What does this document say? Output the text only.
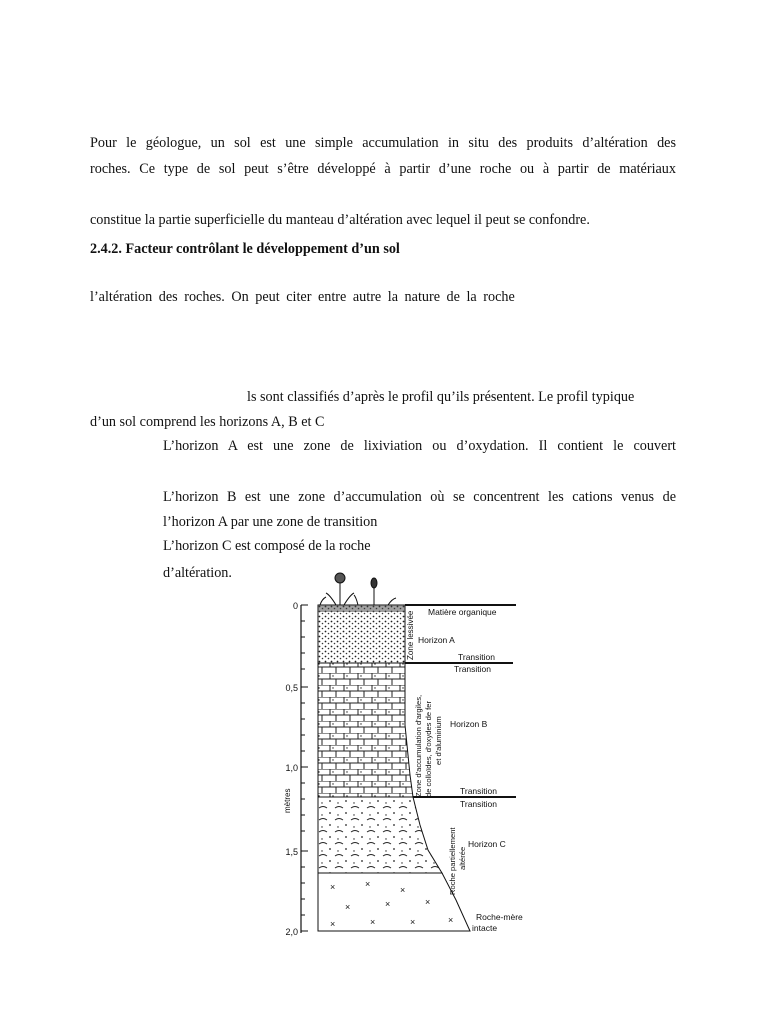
Pour le géologue, un sol est une simple accumulation in situ des produits d’altération des
roches. Ce type de sol peut s’être développé à partir d’une roche ou à partir de matériaux
constitue la partie superficielle du manteau d’altération avec lequel il peut se confondre.
2.4.2. Facteur contrôlant le développement d’un sol
l’altération des roches. On peut citer entre autre la nature de la roche
ls sont classifiés d’après le profil qu’ils présentent. Le profil typique
d’un sol comprend les horizons A, B et C
L’horizon A est une zone de lixiviation ou d’oxydation. Il contient le couvert
L’horizon B est une zone d’accumulation où se concentrent les cations venus de
l’horizon A par une zone de transition
L’horizon C est composé de la roche
d’altération.
0
0,5
1,0
1,5
2,0
mètres
×	×
×
×	×	×
×	×	×	×
Matière organique
Horizon A
Zone lessivée	Transition
Transition
Zone d'accumulation d'argiles, de colloïdes, d'oxydes de fer et d'aluminium Horizon B
Transition
Transition
Roche partiellement altérée
Horizon C
Roche-mère
intacte
